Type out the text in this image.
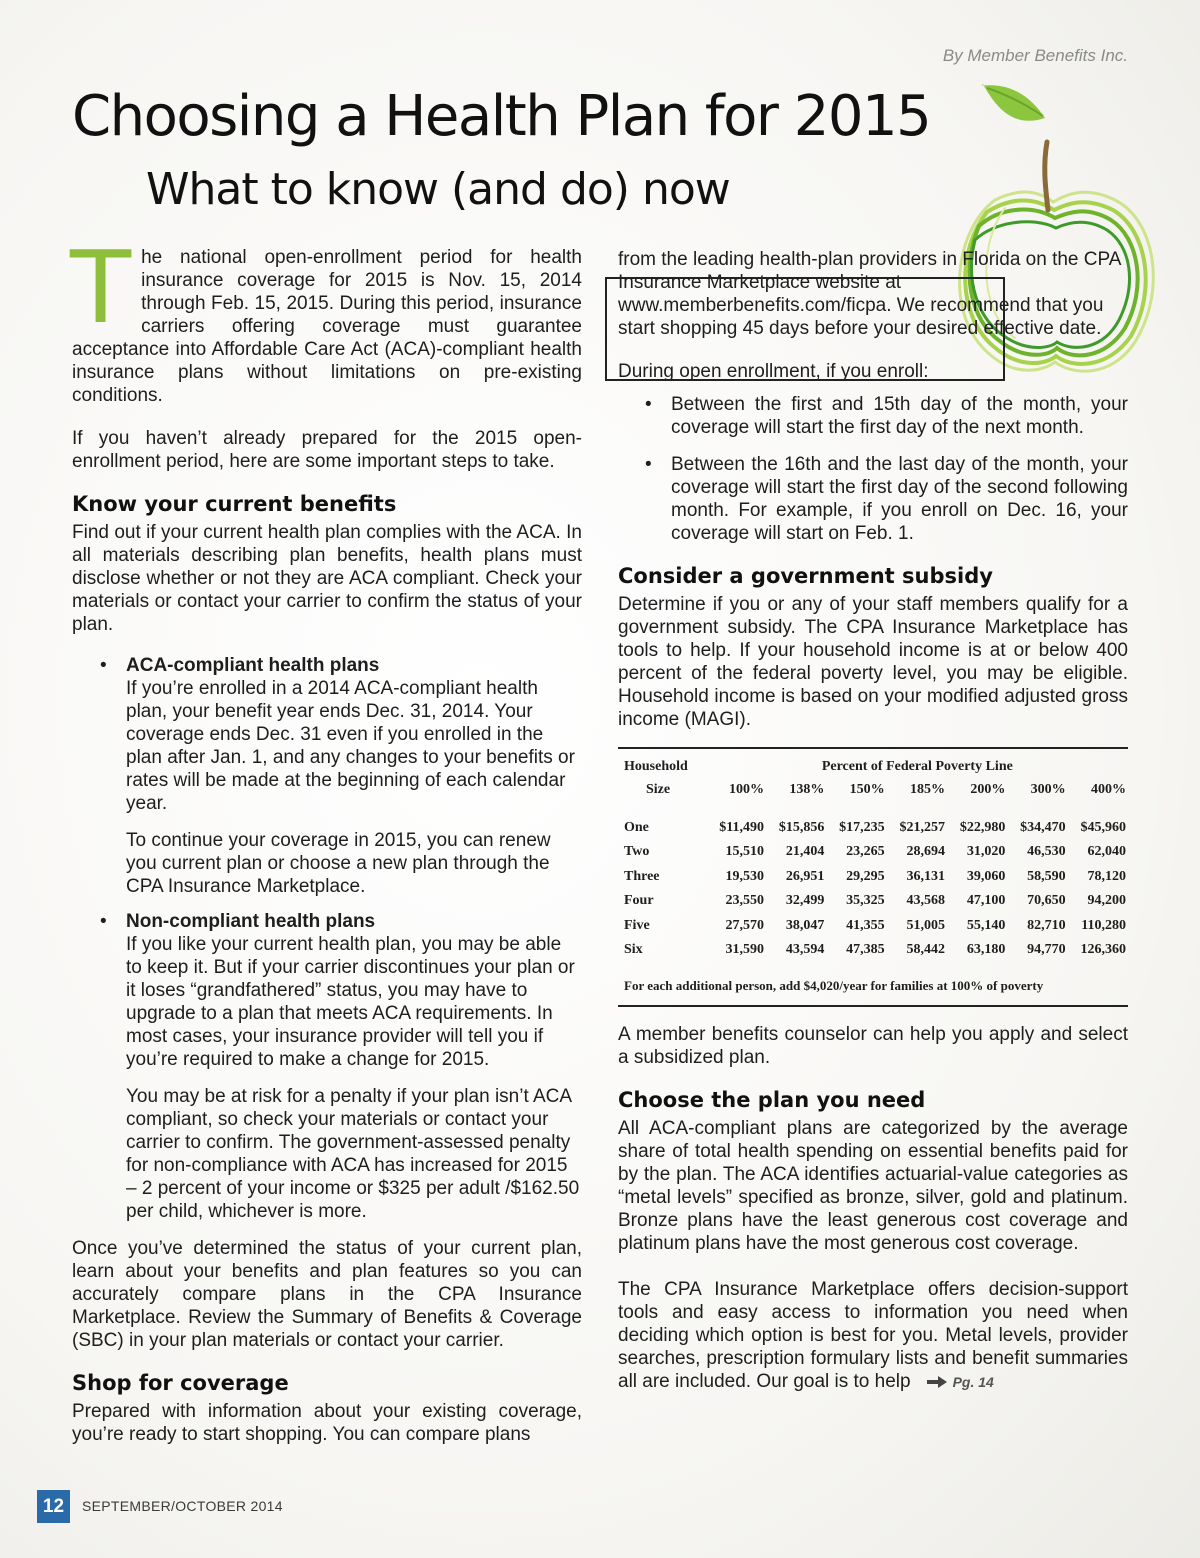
By Member Benefits Inc.
Choosing a Health Plan for 2015
What to know (and do) now

The national open-enrollment period for health insurance coverage for 2015 is Nov. 15, 2014 through Feb. 15, 2015. During this period, insurance carriers offering coverage must guarantee acceptance into Affordable Care Act (ACA)-compliant health insurance plans without limitations on pre-existing conditions.

If you haven’t already prepared for the 2015 open-enrollment period, here are some important steps to take.

Know your current benefits

Find out if your current health plan complies with the ACA. In all materials describing plan benefits, health plans must disclose whether or not they are ACA compliant. Check your materials or contact your carrier to confirm the status of your plan.

• ACA-compliant health plans
If you’re enrolled in a 2014 ACA-compliant health plan, your benefit year ends Dec. 31, 2014. Your coverage ends Dec. 31 even if you enrolled in the plan after Jan. 1, and any changes to your benefits or rates will be made at the beginning of each calendar year.
To continue your coverage in 2015, you can renew you current plan or choose a new plan through the CPA Insurance Marketplace.
• Non-compliant health plans
If you like your current health plan, you may be able to keep it. But if your carrier discontinues your plan or it loses “grandfathered” status, you may have to upgrade to a plan that meets ACA requirements. In most cases, your insurance provider will tell you if you’re required to make a change for 2015.
You may be at risk for a penalty if your plan isn’t ACA compliant, so check your materials or contact your carrier to confirm. The government-assessed penalty for non-compliance with ACA has increased for 2015 – 2 percent of your income or $325 per adult /$162.50 per child, whichever is more.

Once you’ve determined the status of your current plan, learn about your benefits and plan features so you can accurately compare plans in the CPA Insurance Marketplace. Review the Summary of Benefits & Coverage (SBC) in your plan materials or contact your carrier.

Shop for coverage

Prepared with information about your existing coverage, you’re ready to start shopping. You can compare plans

from the leading health-plan providers in Florida on the CPA Insurance Marketplace website at www.memberbenefits.com/ficpa. We recommend that you start shopping 45 days before your desired effective date.

During open enrollment, if you enroll:

• Between the first and 15th day of the month, your coverage will start the first day of the next month.
• Between the 16th and the last day of the month, your coverage will start the first day of the second following month. For example, if you enroll on Dec. 16, your coverage will start on Feb. 1.
Consider a government subsidy

Determine if you or any of your staff members qualify for a government subsidy. The CPA Insurance Marketplace has tools to help. If your household income is at or below 400 percent of the federal poverty level, you may be eligible. Household income is based on your modified adjusted gross income (MAGI).

Household	Percent of Federal Poverty Line						
Size	100%	138%	150%	185%	200%	300%	400%

One	$11,490	$15,856	$17,235	$21,257	$22,980	$34,470	$45,960
Two	15,510	21,404	23,265	28,694	31,020	46,530	62,040
Three	19,530	26,951	29,295	36,131	39,060	58,590	78,120
Four	23,550	32,499	35,325	43,568	47,100	70,650	94,200
Five	27,570	38,047	41,355	51,005	55,140	82,710	110,280
Six	31,590	43,594	47,385	58,442	63,180	94,770	126,360
For each additional person, add $4,020/year for families at 100% of poverty

A member benefits counselor can help you apply and select a subsidized plan.

Choose the plan you need

All ACA-compliant plans are categorized by the average share of total health spending on essential benefits paid for by the plan. The ACA identifies actuarial-value categories as “metal levels” specified as bronze, silver, gold and platinum. Bronze plans have the least generous cost coverage and platinum plans have the most generous cost coverage.

The CPA Insurance Marketplace offers decision-support tools and easy access to information you need when deciding which option is best for you. Metal levels, provider searches, prescription formulary lists and benefit summaries all are included. Our goal is to help	Pg. 14

12	SEPTEMBER/OCTOBER 2014
